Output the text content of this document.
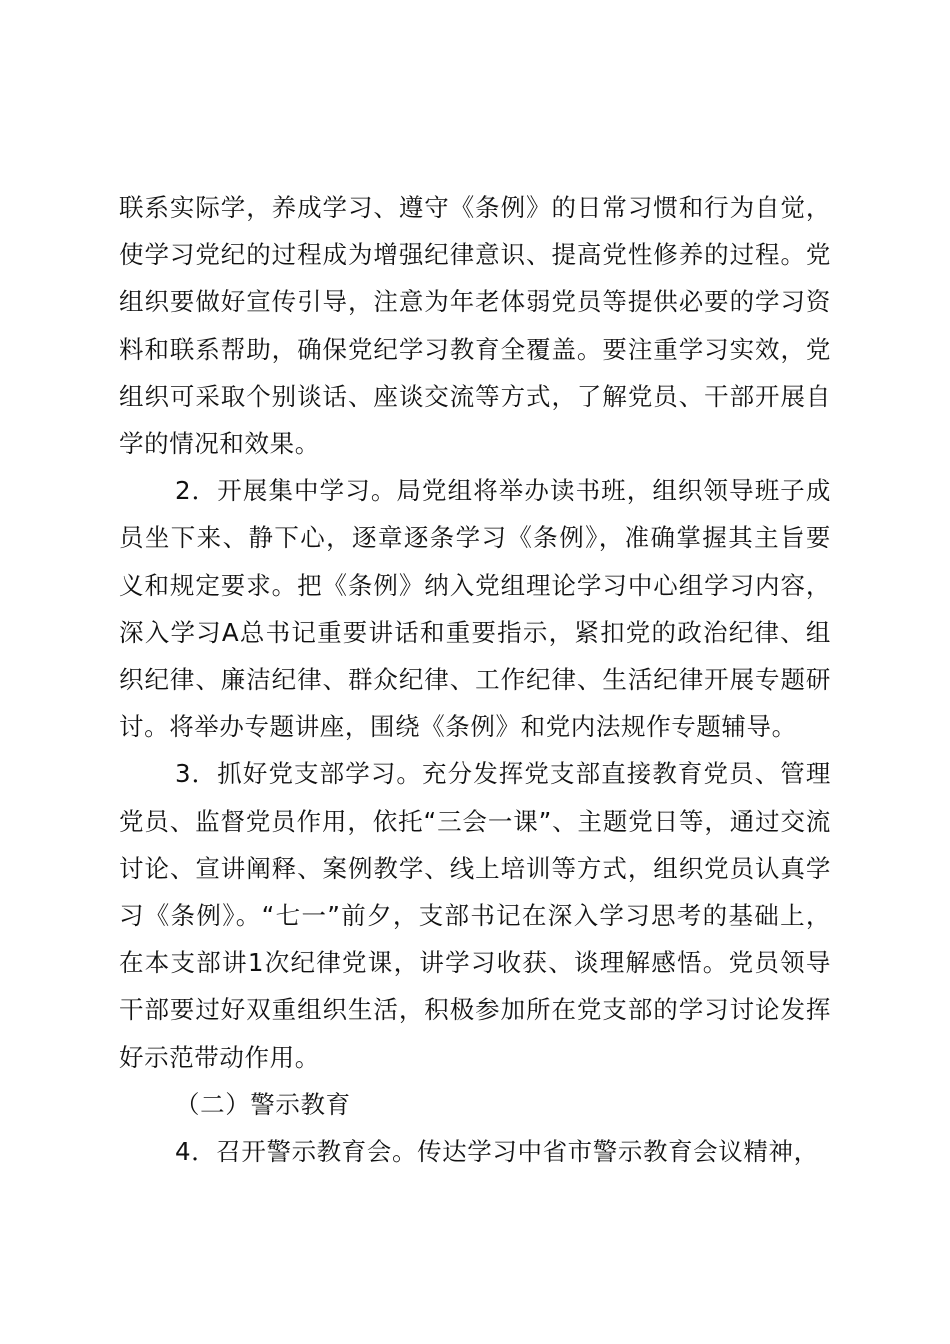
联系实际学，养成学习、遵守《条例》的日常习惯和行为自觉，使学习党纪的过程成为增强纪律意识、提高党性修养的过程。党组织要做好宣传引导，注意为年老体弱党员等提供必要的学习资料和联系帮助，确保党纪学习教育全覆盖。要注重学习实效，党组织可采取个别谈话、座谈交流等方式，了解党员、干部开展自学的情况和效果。

2．开展集中学习。局党组将举办读书班，组织领导班子成员坐下来、静下心，逐章逐条学习《条例》，准确掌握其主旨要义和规定要求。把《条例》纳入党组理论学习中心组学习内容，深入学习A总书记重要讲话和重要指示，紧扣党的政治纪律、组织纪律、廉洁纪律、群众纪律、工作纪律、生活纪律开展专题研讨。将举办专题讲座，围绕《条例》和党内法规作专题辅导。

3．抓好党支部学习。充分发挥党支部直接教育党员、管理党员、监督党员作用，依托“三会一课”、主题党日等，通过交流讨论、宣讲阐释、案例教学、线上培训等方式，组织党员认真学习《条例》。“七一”前夕，支部书记在深入学习思考的基础上，在本支部讲1次纪律党课，讲学习收获、谈理解感悟。党员领导干部要过好双重组织生活，积极参加所在党支部的学习讨论发挥好示范带动作用。

（二）警示教育

4．召开警示教育会。传达学习中省市警示教育会议精神，
